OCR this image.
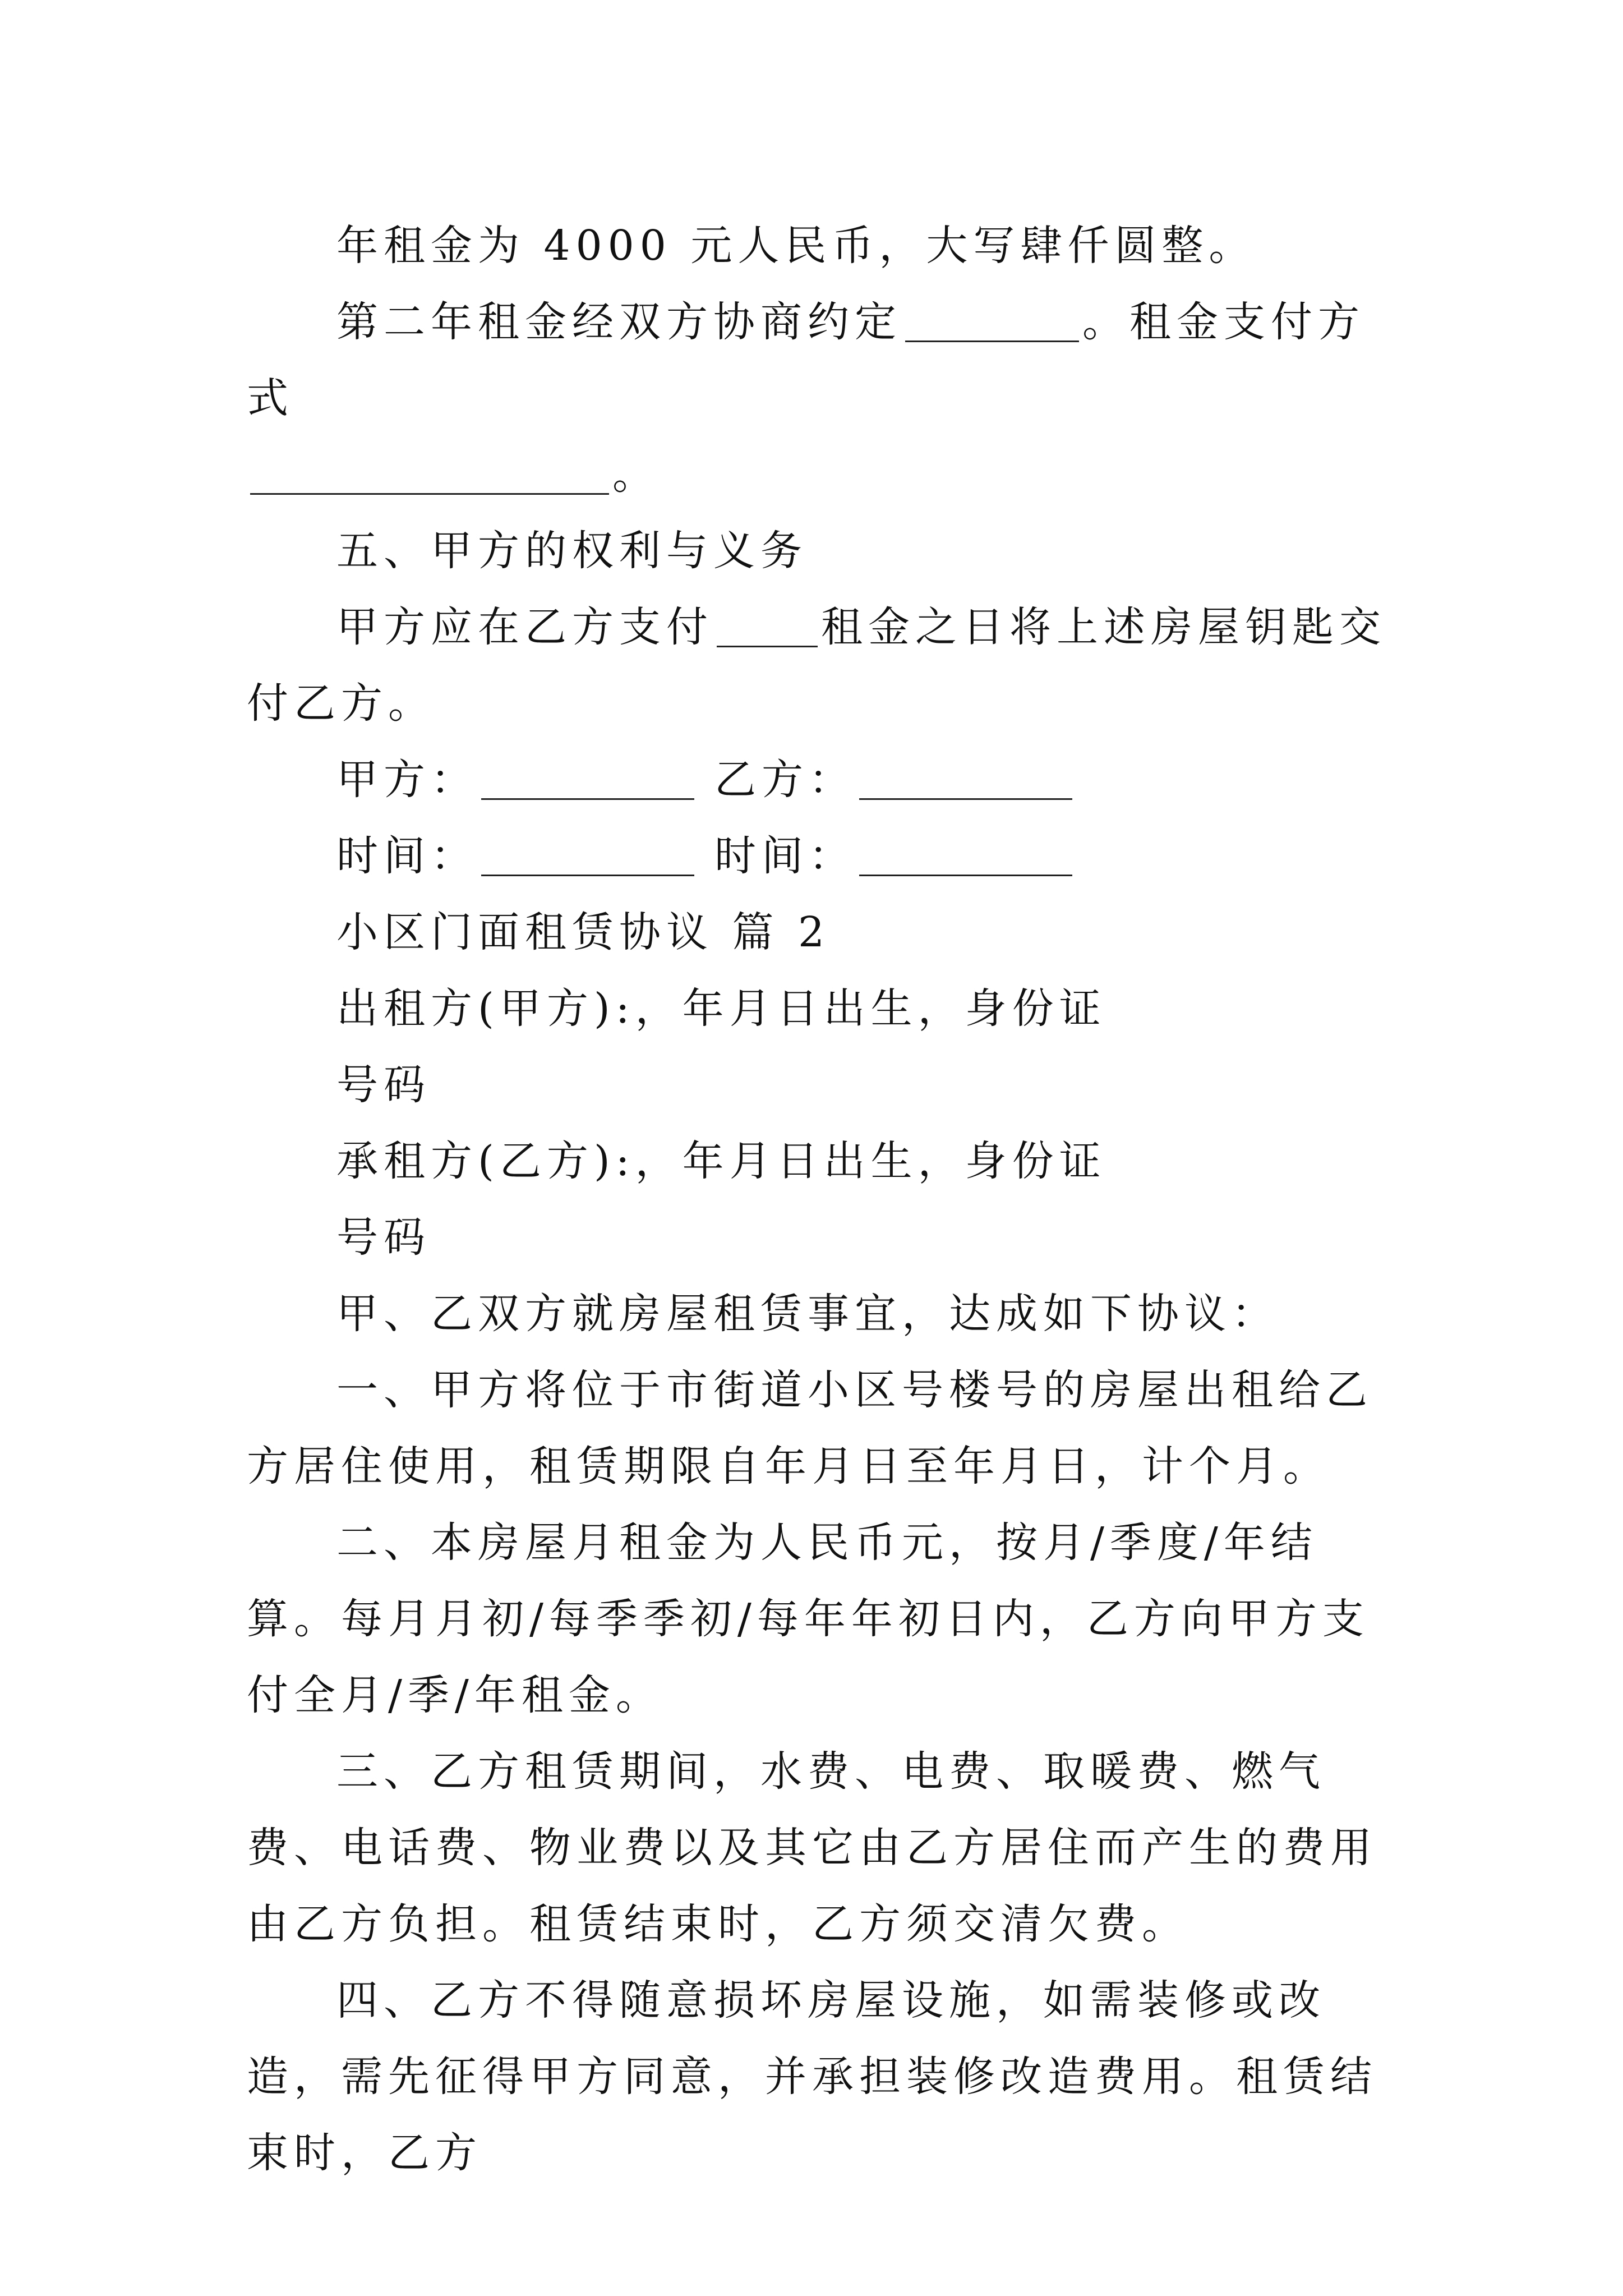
年租金为 4000 元人民币，大写肆仟圆整。

第二年租金经双方协商约定	。租金支付方式

。

五、甲方的权利与义务

甲方应在乙方支付	租金之日将上述房屋钥匙交付乙方。

甲方：	乙方：
时间：	时间：

小区门面租赁协议 篇 2

出租方(甲方):，年月日出生，身份证

号码

承租方(乙方):，年月日出生，身份证

号码

甲、乙双方就房屋租赁事宜，达成如下协议：

一、甲方将位于市街道小区号楼号的房屋出租给乙方居住使用，租赁期限自年月日至年月日，计个月。

二、本房屋月租金为人民币元，按月/季度/年结算。每月月初/每季季初/每年年初日内，乙方向甲方支付全月/季/年租金。

三、乙方租赁期间，水费、电费、取暖费、燃气费、电话费、物业费以及其它由乙方居住而产生的费用由乙方负担。租赁结束时，乙方须交清欠费。

四、乙方不得随意损坏房屋设施，如需装修或改造，需先征得甲方同意，并承担装修改造费用。租赁结束时，乙方
